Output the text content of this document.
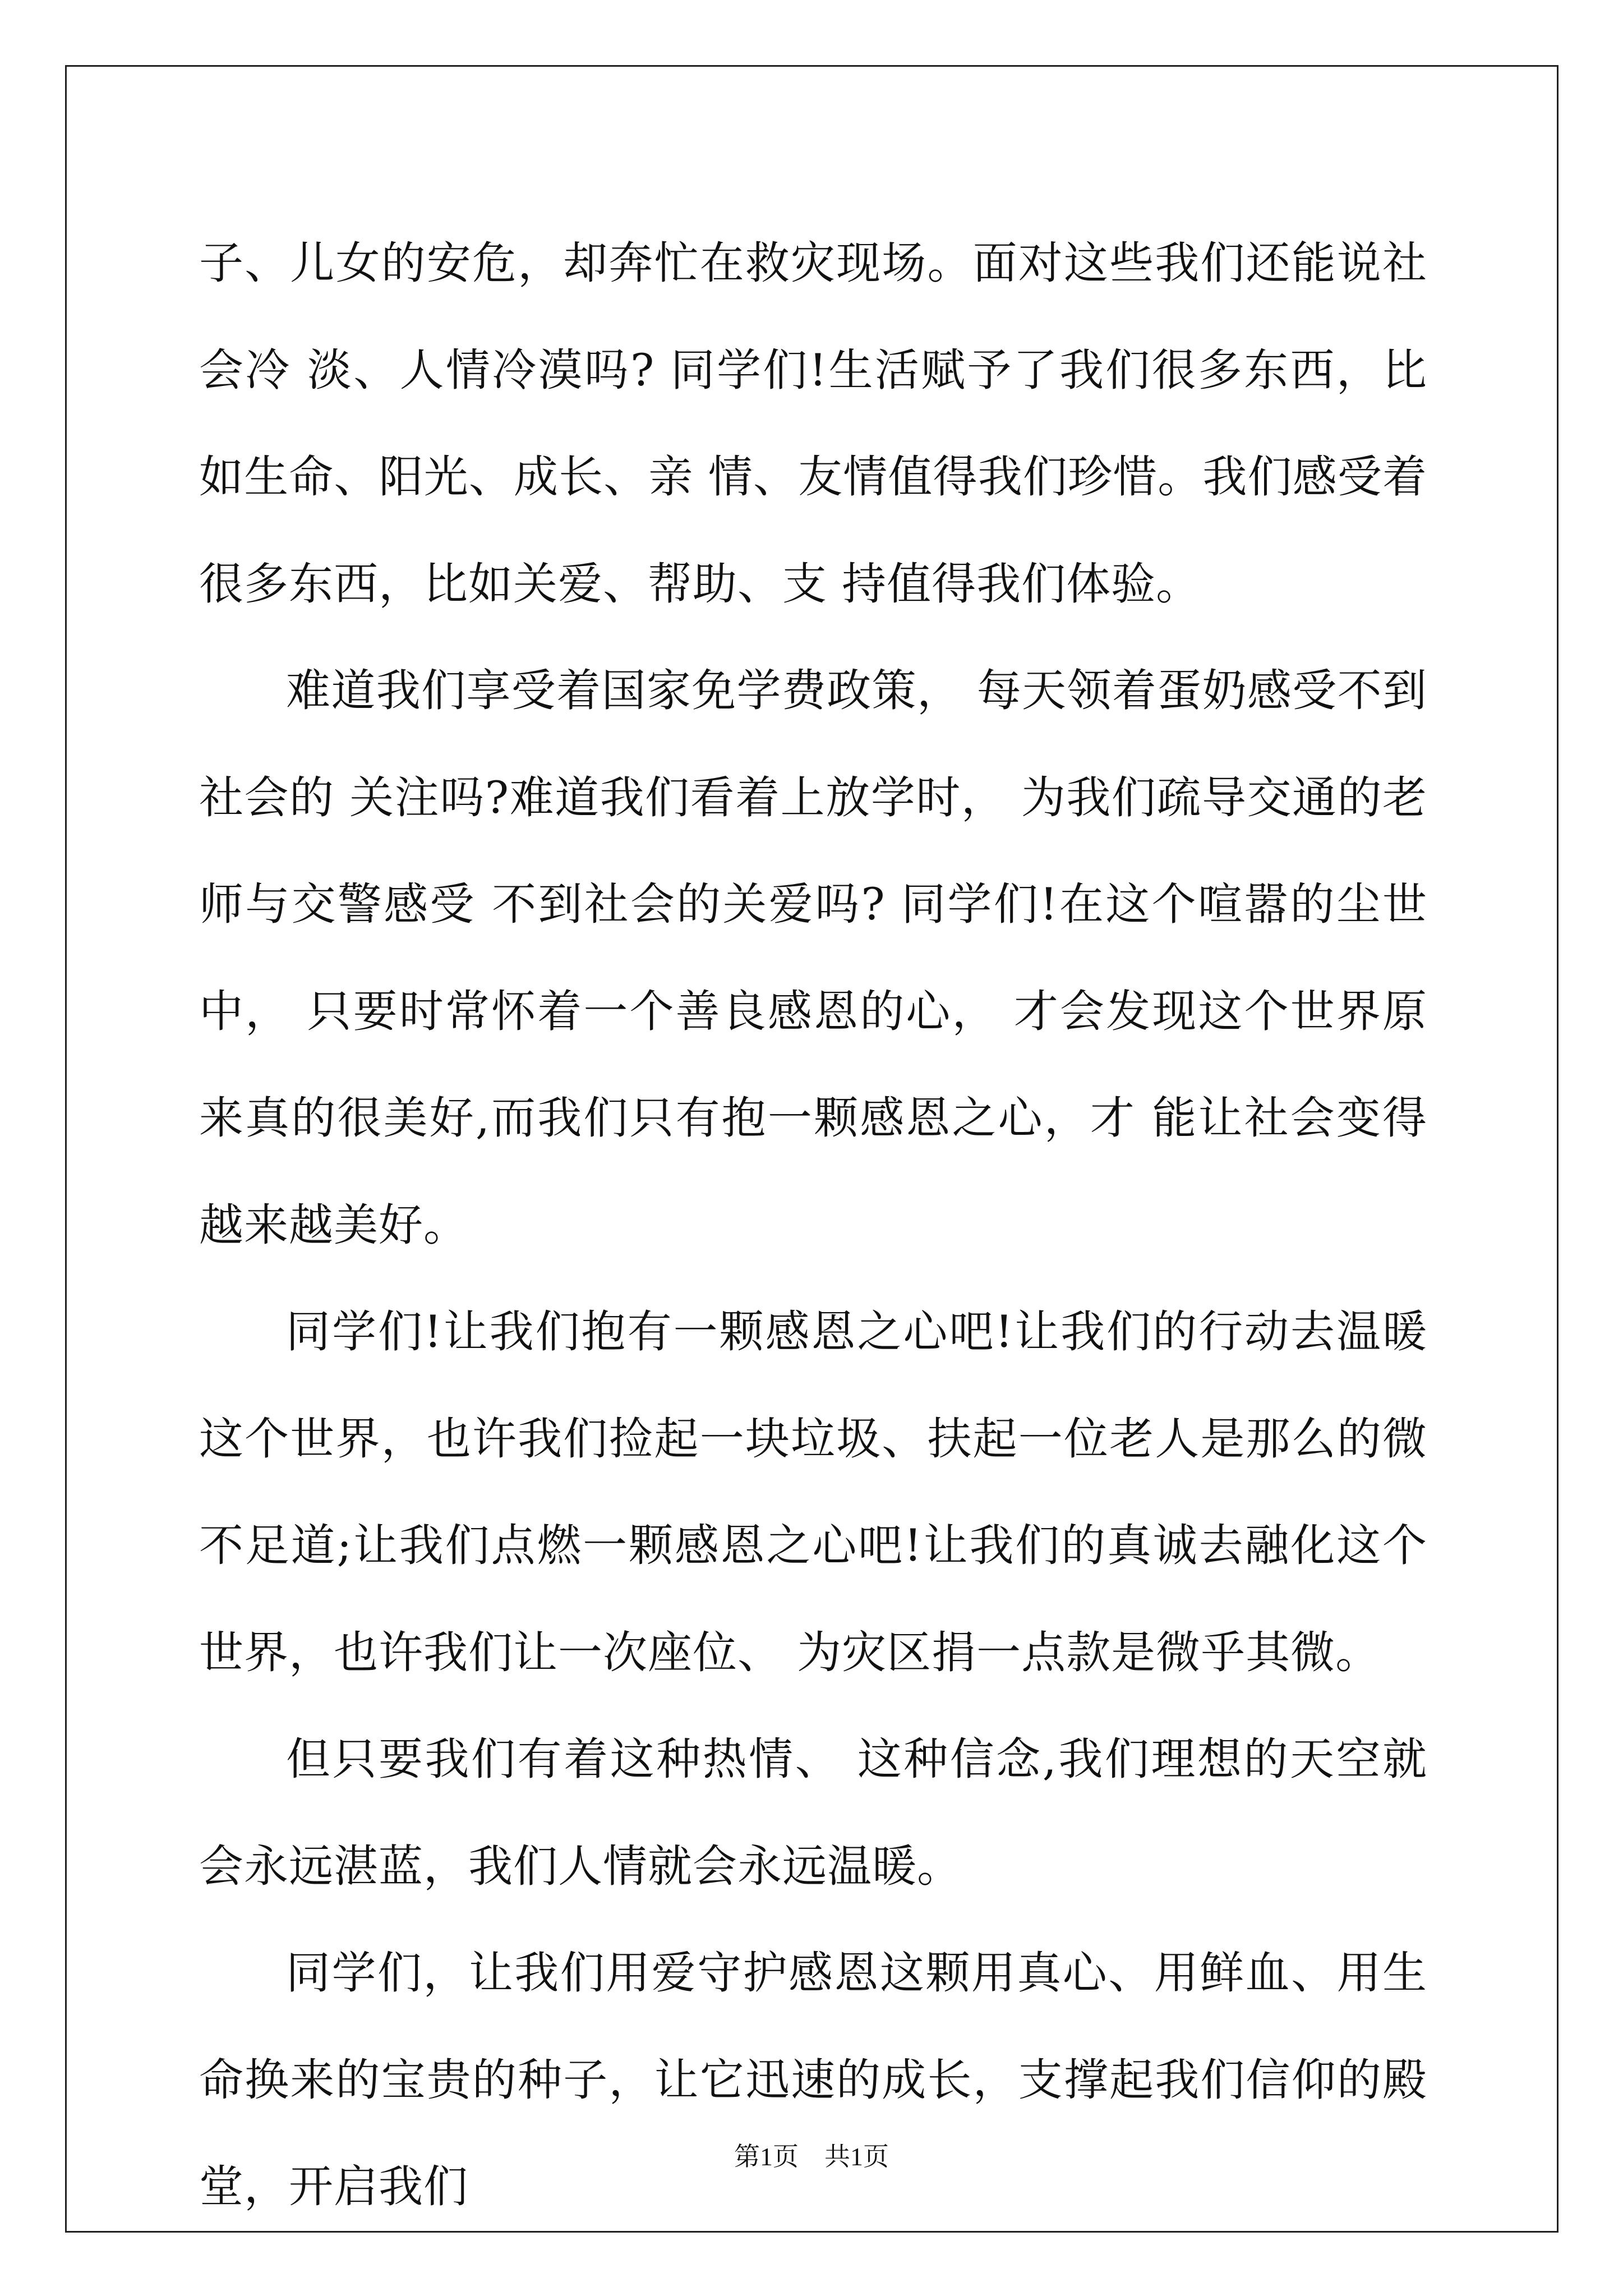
子、儿女的安危，却奔忙在救灾现场。面对这些我们还能说社会冷 淡、人情冷漠吗? 同学们!生活赋予了我们很多东西，比如生命、阳光、成长、亲 情、友情值得我们珍惜。我们感受着很多东西，比如关爱、帮助、支 持值得我们体验。

难道我们享受着国家免学费政策， 每天领着蛋奶感受不到社会的 关注吗?难道我们看着上放学时， 为我们疏导交通的老师与交警感受 不到社会的关爱吗? 同学们!在这个喧嚣的尘世中， 只要时常怀着一个善良感恩的心， 才会发现这个世界原来真的很美好,而我们只有抱一颗感恩之心，才 能让社会变得越来越美好。

同学们!让我们抱有一颗感恩之心吧!让我们的行动去温暖这个世界，也许我们捡起一块垃圾、扶起一位老人是那么的微不足道;让我们点燃一颗感恩之心吧!让我们的真诚去融化这个世界，也许我们让一次座位、 为灾区捐一点款是微乎其微。

但只要我们有着这种热情、 这种信念,我们理想的天空就会永远湛蓝，我们人情就会永远温暖。

同学们，让我们用爱守护感恩这颗用真心、用鲜血、用生命换来的宝贵的种子，让它迅速的成长，支撑起我们信仰的殿堂，开启我们

第1页 共1页
